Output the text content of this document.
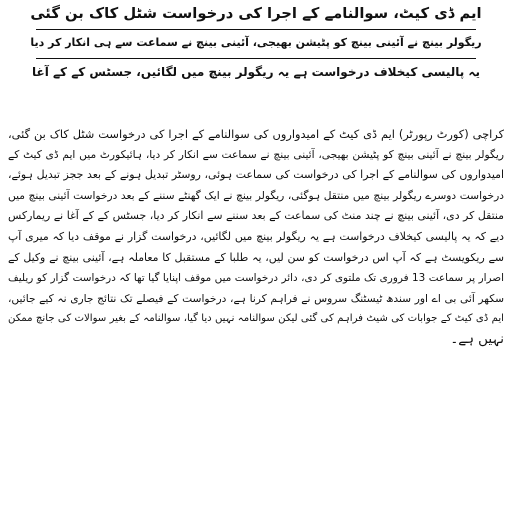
ایم ڈی کیٹ، سوالنامے کے اجرا کی درخواست شٹل کاک بن گئی

ریگولر بینچ نے آئینی بینچ کو پٹیشن بھیجی، آئینی بینچ نے سماعت سے ہی انکار کر دیا

یہ پالیسی کیخلاف درخواست ہے یہ ریگولر بینچ میں لگائیں، جسٹس کے کے آغا

کراچی (کورٹ رپورٹر) ایم ڈی کیٹ کے امیدواروں کی سوالنامے کے اجرا کی درخواست شٹل کاک بن گئی،

ریگولر بینچ نے آئینی بینچ کو پٹیشن بھیجی، آئینی بینچ نے سماعت سے انکار کر دیا، ہائیکورٹ میں ایم ڈی کیٹ کے

امیدواروں کی سوالنامے کے اجرا کی درخواست کی سماعت ہوئی، روسٹر تبدیل ہونے کے بعد ججز تبدیل ہوئے،

درخواست دوسرے ریگولر بینچ میں منتقل ہوگئی، ریگولر بینچ نے ایک گھنٹے سننے کے بعد درخواست آئینی بینچ میں

منتقل کر دی، آئینی بینچ نے چند منٹ کی سماعت کے بعد سننے سے انکار کر دیا، جسٹس کے کے آغا نے ریمارکس

دیے کہ یہ پالیسی کیخلاف درخواست ہے یہ ریگولر بینچ میں لگائیں، درخواست گزار نے موقف دیا کہ میری آپ

سے ریکویسٹ ہے کہ آپ اس درخواست کو سن لیں، یہ طلبا کے مستقبل کا معاملہ ہے، آئینی بینچ نے وکیل کے

اصرار پر سماعت 13 فروری تک ملتوی کر دی، دائر درخواست میں موقف اپنایا گیا تھا کہ درخواست گزار کو ریلیف

سکھر آئی بی اے اور سندھ ٹیسٹنگ سروس نے فراہم کرنا ہے، درخواست کے فیصلے تک نتائج جاری نہ کیے جائیں،

ایم ڈی کیٹ کے جوابات کی شیٹ فراہم کی گئی لیکن سوالنامہ نہیں دیا گیا، سوالنامہ کے بغیر سوالات کی جانچ ممکن

نہیں ہے۔
